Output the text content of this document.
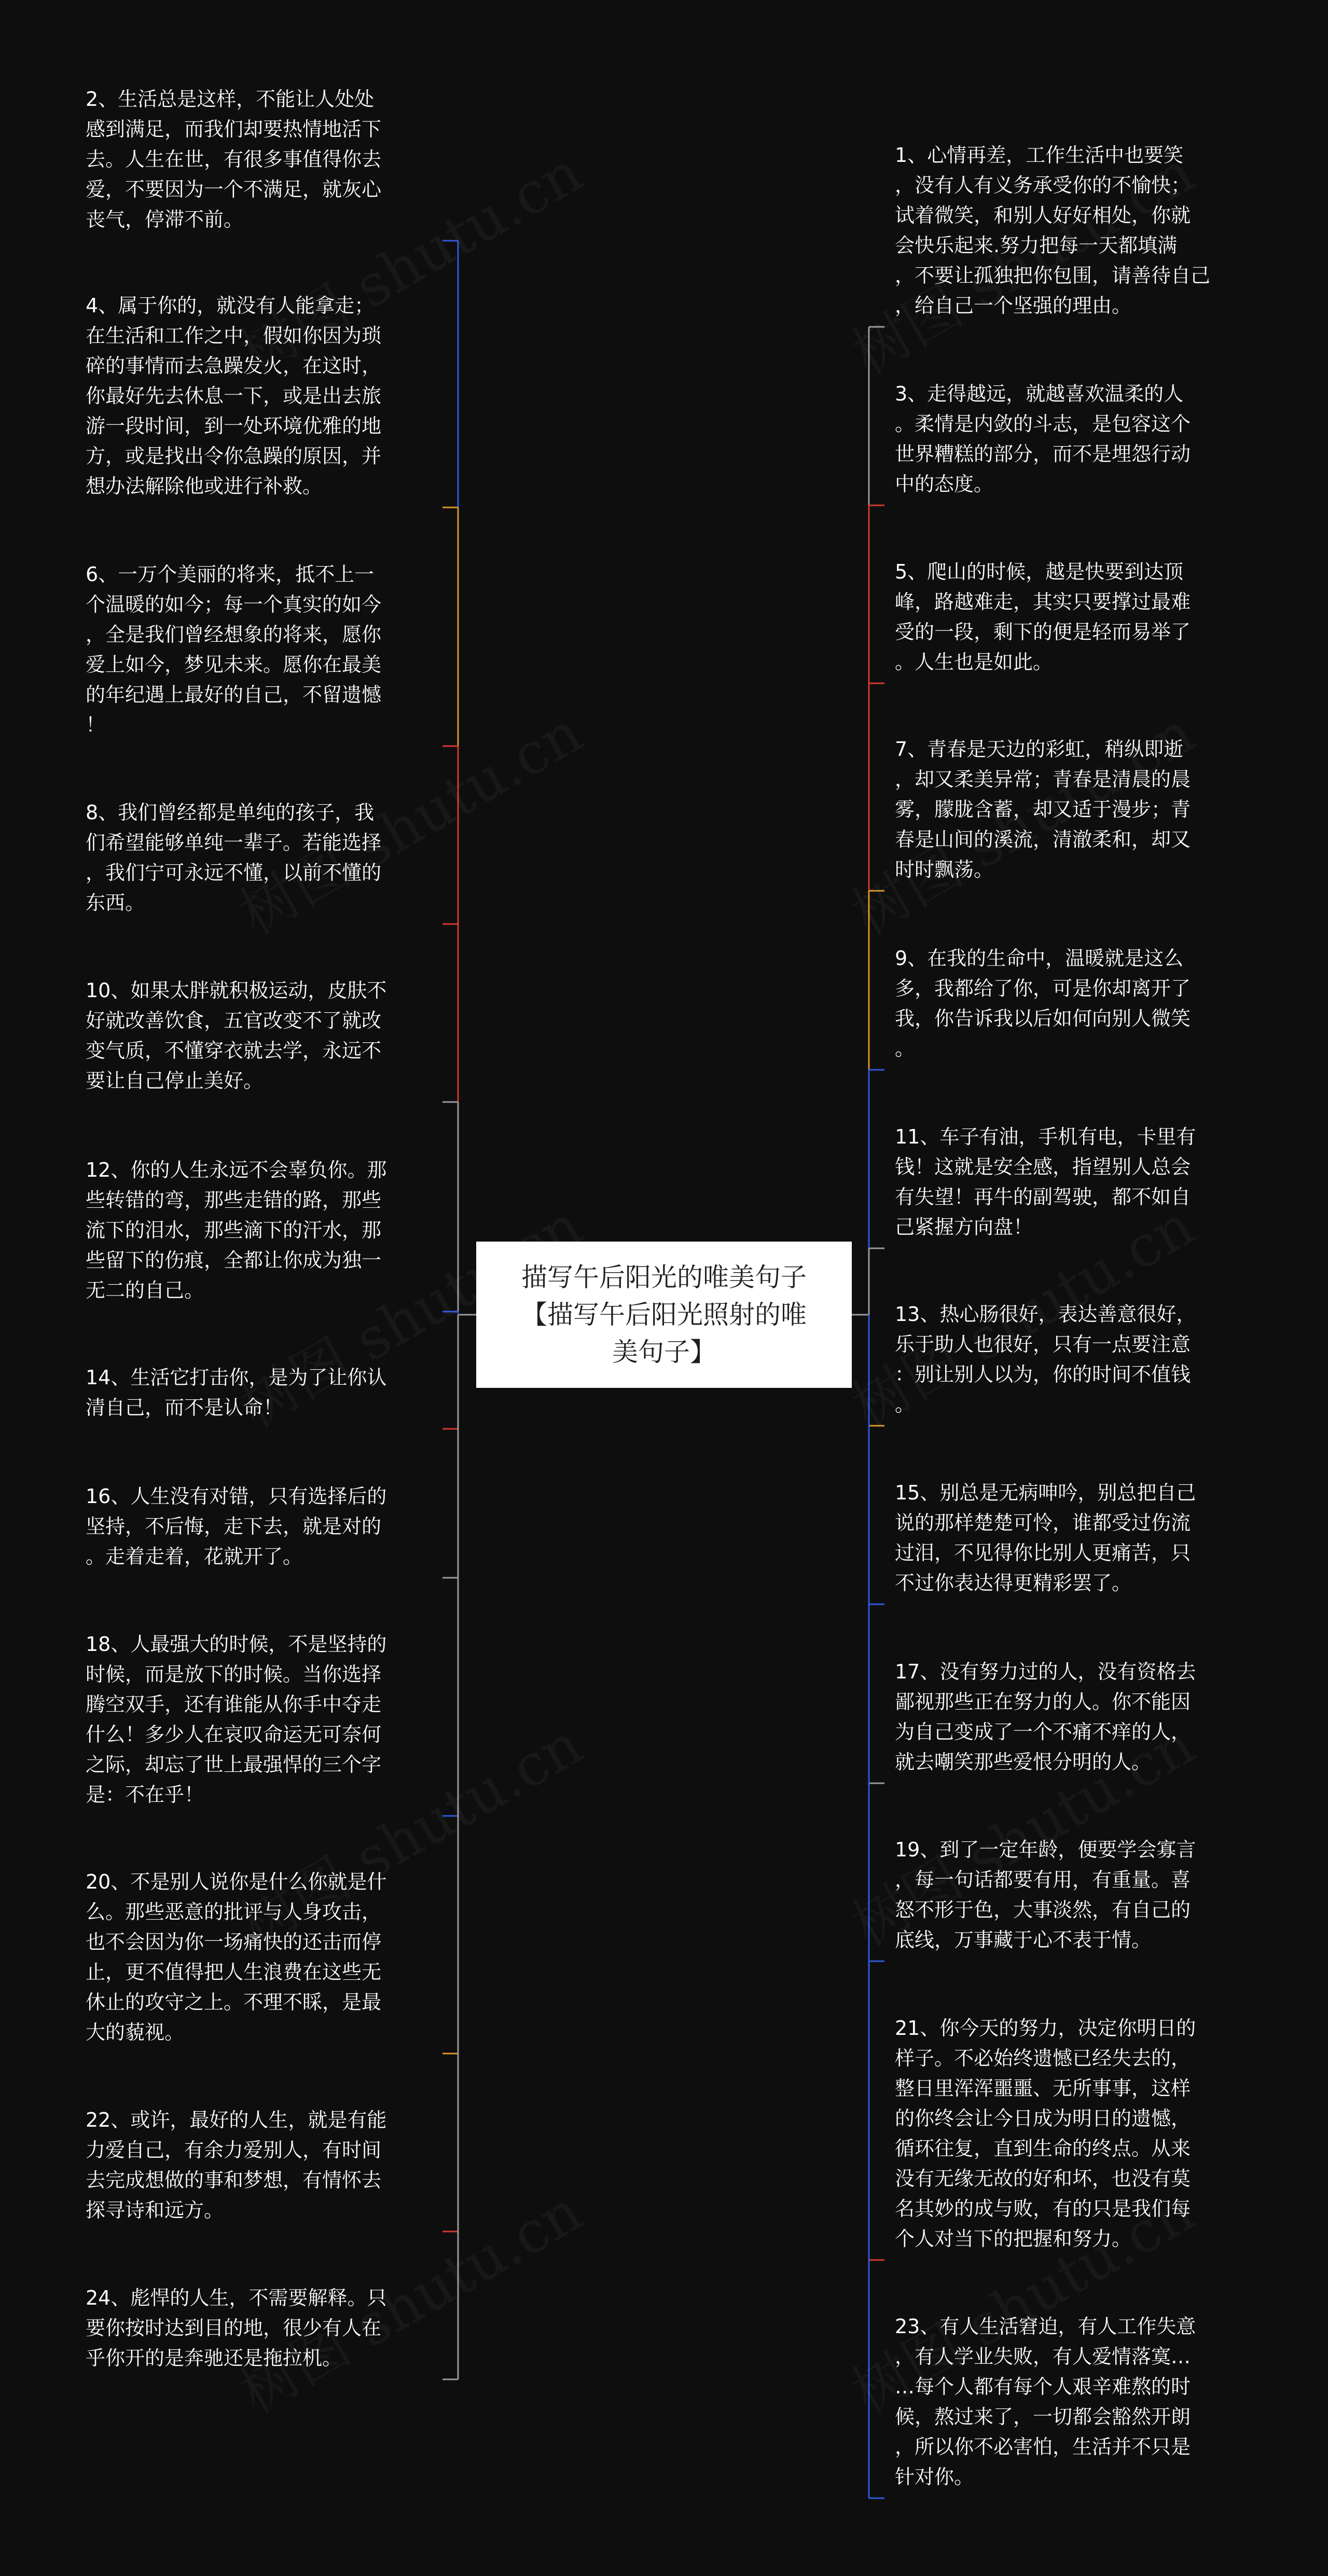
描写午后阳光的唯美句子
【描写午后阳光照射的唯
美句子】

2、生活总是这样，不能让人处处
感到满足，而我们却要热情地活下
去。人生在世，有很多事值得你去
爱，不要因为一个不满足，就灰心
丧气，停滞不前。

4、属于你的，就没有人能拿走；
在生活和工作之中，假如你因为琐
碎的事情而去急躁发火，在这时，
你最好先去休息一下，或是出去旅
游一段时间，到一处环境优雅的地
方，或是找出令你急躁的原因，并
想办法解除他或进行补救。

6、一万个美丽的将来，抵不上一
个温暖的如今；每一个真实的如今
，全是我们曾经想象的将来，愿你
爱上如今，梦见未来。愿你在最美
的年纪遇上最好的自己，不留遗憾
！

8、我们曾经都是单纯的孩子，我
们希望能够单纯一辈子。若能选择
，我们宁可永远不懂，以前不懂的
东西。

10、如果太胖就积极运动，皮肤不
好就改善饮食，五官改变不了就改
变气质，不懂穿衣就去学，永远不
要让自己停止美好。

12、你的人生永远不会辜负你。那
些转错的弯，那些走错的路，那些
流下的泪水，那些滴下的汗水，那
些留下的伤痕，全都让你成为独一
无二的自己。

14、生活它打击你，是为了让你认
清自己，而不是认命！

16、人生没有对错，只有选择后的
坚持，不后悔，走下去，就是对的
。走着走着，花就开了。

18、人最强大的时候，不是坚持的
时候，而是放下的时候。当你选择
腾空双手，还有谁能从你手中夺走
什么！多少人在哀叹命运无可奈何
之际，却忘了世上最强悍的三个字
是：不在乎！

20、不是别人说你是什么你就是什
么。那些恶意的批评与人身攻击，
也不会因为你一场痛快的还击而停
止，更不值得把人生浪费在这些无
休止的攻守之上。不理不睬，是最
大的藐视。

22、或许，最好的人生，就是有能
力爱自己，有余力爱别人，有时间
去完成想做的事和梦想，有情怀去
探寻诗和远方。

24、彪悍的人生，不需要解释。只
要你按时达到目的地，很少有人在
乎你开的是奔驰还是拖拉机。

1、心情再差，工作生活中也要笑
，没有人有义务承受你的不愉快；
试着微笑，和别人好好相处，你就
会快乐起来.努力把每一天都填满
，不要让孤独把你包围，请善待自己
，给自己一个坚强的理由。

3、走得越远，就越喜欢温柔的人
。柔情是内敛的斗志，是包容这个
世界糟糕的部分，而不是埋怨行动
中的态度。

5、爬山的时候，越是快要到达顶
峰，路越难走，其实只要撑过最难
受的一段，剩下的便是轻而易举了
。人生也是如此。

7、青春是天边的彩虹，稍纵即逝
，却又柔美异常；青春是清晨的晨
雾，朦胧含蓄，却又适于漫步；青
春是山间的溪流，清澈柔和，却又
时时飘荡。

9、在我的生命中，温暖就是这么
多，我都给了你，可是你却离开了
我，你告诉我以后如何向别人微笑
。

11、车子有油，手机有电，卡里有
钱！这就是安全感，指望别人总会
有失望！再牛的副驾驶，都不如自
己紧握方向盘！

13、热心肠很好，表达善意很好，
乐于助人也很好，只有一点要注意
：别让别人以为，你的时间不值钱
。

15、别总是无病呻吟，别总把自己
说的那样楚楚可怜，谁都受过伤流
过泪，不见得你比别人更痛苦，只
不过你表达得更精彩罢了。

17、没有努力过的人，没有资格去
鄙视那些正在努力的人。你不能因
为自己变成了一个不痛不痒的人，
就去嘲笑那些爱恨分明的人。

19、到了一定年龄，便要学会寡言
，每一句话都要有用，有重量。喜
怒不形于色，大事淡然，有自己的
底线，万事藏于心不表于情。

21、你今天的努力，决定你明日的
样子。不必始终遗憾已经失去的，
整日里浑浑噩噩、无所事事，这样
的你终会让今日成为明日的遗憾，
循环往复，直到生命的终点。从来
没有无缘无故的好和坏，也没有莫
名其妙的成与败，有的只是我们每
个人对当下的把握和努力。

23、有人生活窘迫，有人工作失意
，有人学业失败，有人爱情落寞…
…每个人都有每个人艰辛难熬的时
候，熬过来了，一切都会豁然开朗
，所以你不必害怕，生活并不只是
针对你。
